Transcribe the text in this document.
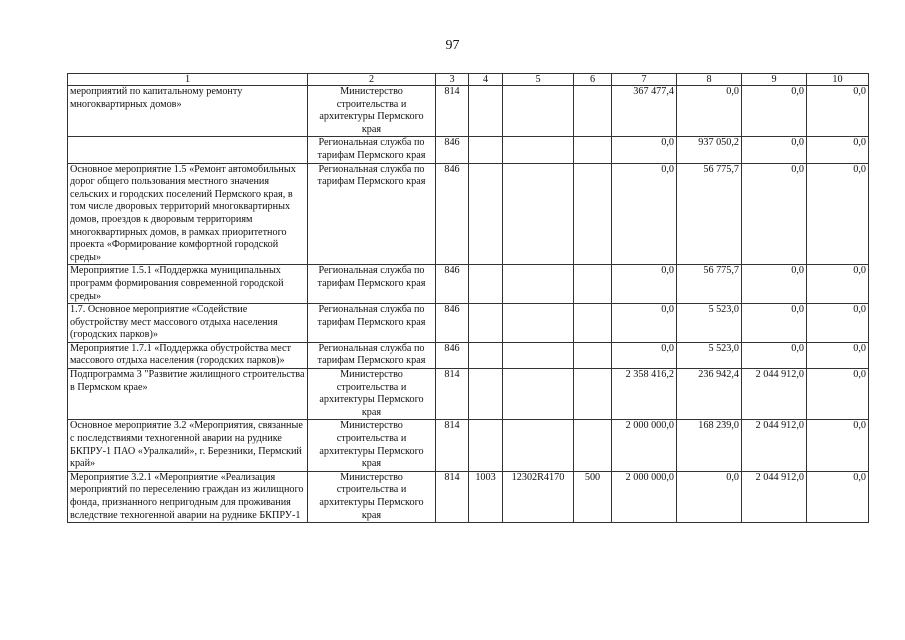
97
1	2	3	4	5	6	7	8	9	10
мероприятий по капитальному ремонту многоквартирных домов»	Министерство строительства и архитектуры Пермского края	814				367 477,4	0,0	0,0	0,0
	Региональная служба по тарифам Пермского края	846				0,0	937 050,2	0,0	0,0
Основное мероприятие 1.5 «Ремонт автомобильных дорог общего пользования местного значения сельских и городских поселений Пермского края, в том числе дворовых территорий многоквартирных домов, проездов к дворовым территориям многоквартирных домов, в рамках приоритетного проекта «Формирование комфортной городской среды»	Региональная служба по тарифам Пермского края	846				0,0	56 775,7	0,0	0,0
Мероприятие 1.5.1 «Поддержка муниципальных программ формирования современной городской среды»	Региональная служба по тарифам Пермского края	846				0,0	56 775,7	0,0	0,0
1.7. Основное мероприятие «Содействие обустройству мест массового отдыха населения (городских парков)»	Региональная служба по тарифам Пермского края	846				0,0	5 523,0	0,0	0,0
Мероприятие 1.7.1 «Поддержка обустройства мест массового отдыха населения (городских парков)»	Региональная служба по тарифам Пермского края	846				0,0	5 523,0	0,0	0,0
Подпрограмма 3 "Развитие жилищного строительства в Пермском крае»	Министерство строительства и архитектуры Пермского края	814				2 358 416,2	236 942,4	2 044 912,0	0,0
Основное мероприятие 3.2 «Мероприятия, связанные с последствиями техногенной аварии на руднике БКПРУ-1 ПАО «Уралкалий», г. Березники, Пермский край»	Министерство строительства и архитектуры Пермского края	814				2 000 000,0	168 239,0	2 044 912,0	0,0
Мероприятие 3.2.1 «Мероприятие «Реализация мероприятий по переселению граждан из жилищного фонда, признанного непригодным для проживания вследствие техногенной аварии на руднике БКПРУ-1	Министерство строительства и архитектуры Пермского края	814	1003	12302R4170	500	2 000 000,0	0,0	2 044 912,0	0,0
